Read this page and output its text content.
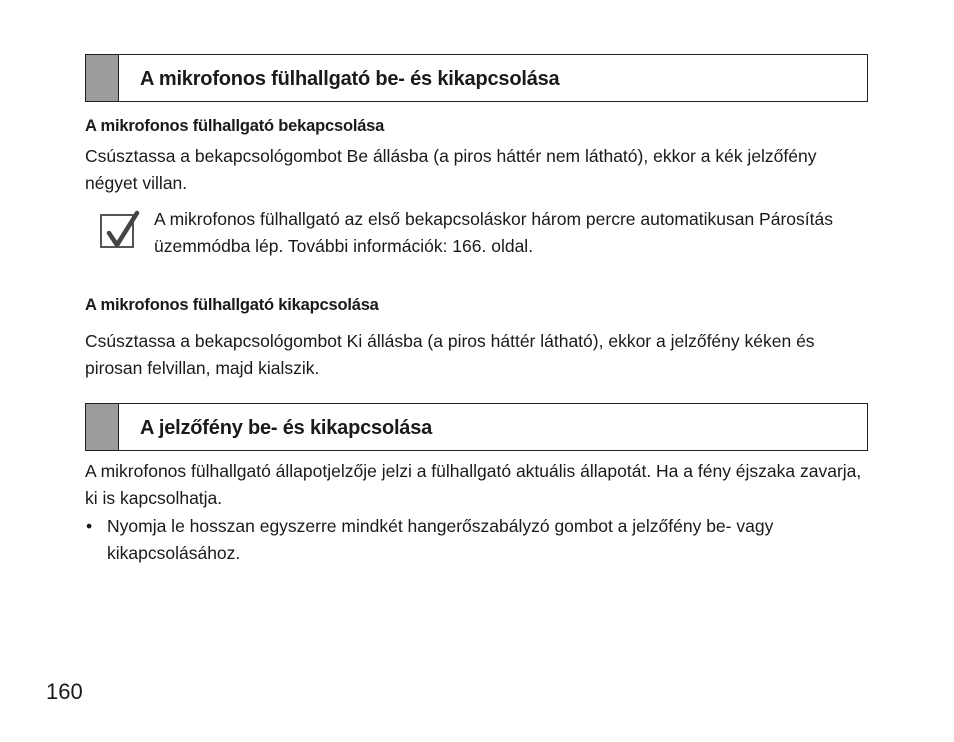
A mikrofonos fülhallgató be- és kikapcsolása
A mikrofonos fülhallgató bekapcsolása
Csúsztassa a bekapcsológombot Be állásba (a piros háttér nem látható), ekkor a kék jelzőfény négyet villan.
A mikrofonos fülhallgató az első bekapcsoláskor három percre automatikusan Párosítás üzemmódba lép. További információk: 166. oldal.
A mikrofonos fülhallgató kikapcsolása
Csúsztassa a bekapcsológombot Ki állásba (a piros háttér látható), ekkor a jelzőfény kéken és pirosan felvillan, majd kialszik.
A jelzőfény be- és kikapcsolása
A mikrofonos fülhallgató állapotjelzője jelzi a fülhallgató aktuális állapotát. Ha a fény éjszaka zavarja, ki is kapcsolhatja.
• Nyomja le hosszan egyszerre mindkét hangerőszabályzó gombot a jelzőfény be- vagy kikapcsolásához.
160
